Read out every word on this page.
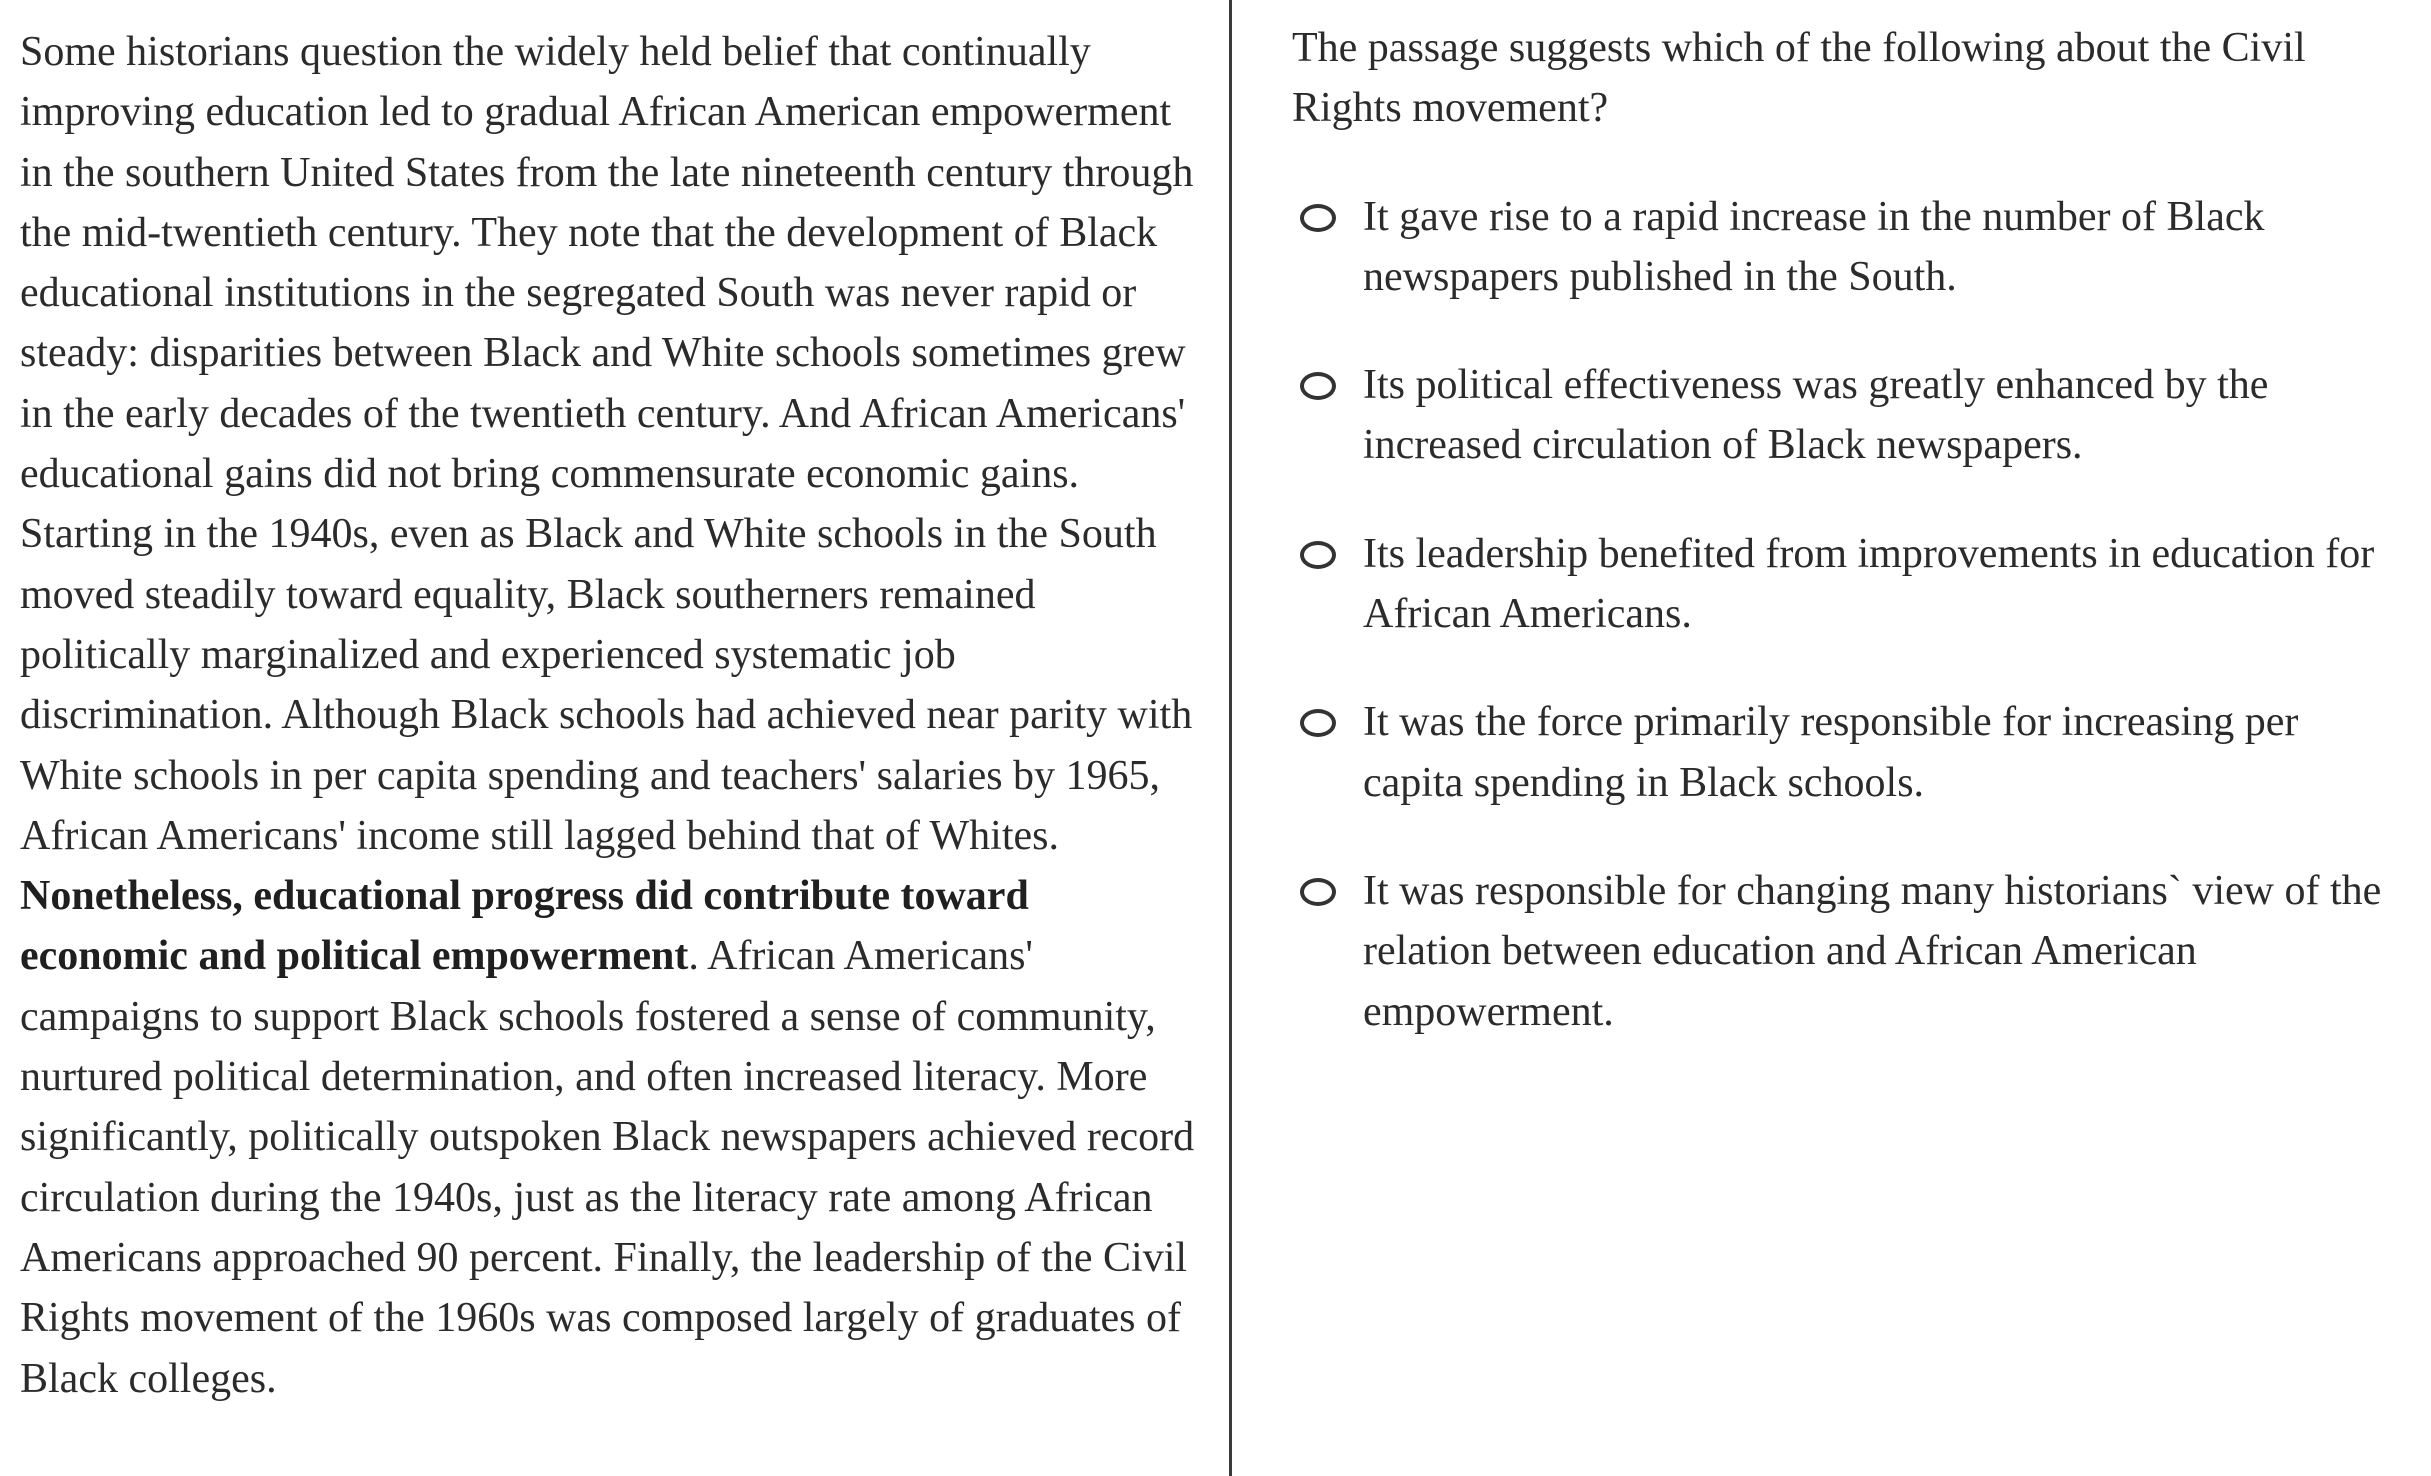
Some historians question the widely held belief that continually improving education led to gradual African American empowerment in the southern United States from the late nineteenth century through the mid-twentieth century. They note that the development of Black educational institutions in the segregated South was never rapid or steady: disparities between Black and White schools sometimes grew in the early decades of the twentieth century. And African Americans' educational gains did not bring commensurate economic gains. Starting in the 1940s, even as Black and White schools in the South moved steadily toward equality, Black southerners remained politically marginalized and experienced systematic job discrimination. Although Black schools had achieved near parity with White schools in per capita spending and teachers' salaries by 1965, African Americans' income still lagged behind that of Whites. Nonetheless, educational progress did contribute toward economic and political empowerment. African Americans' campaigns to support Black schools fostered a sense of community, nurtured political determination, and often increased literacy. More significantly, politically outspoken Black newspapers achieved record circulation during the 1940s, just as the literacy rate among African Americans approached 90 percent. Finally, the leadership of the Civil Rights movement of the 1960s was composed largely of graduates of Black colleges.

The passage suggests which of the following about the Civil Rights movement?

It gave rise to a rapid increase in the number of Black newspapers published in the South.
Its political effectiveness was greatly enhanced by the increased circulation of Black newspapers.
Its leadership benefited from improvements in education for African Americans.
It was the force primarily responsible for increasing per capita spending in Black schools.
It was responsible for changing many historians` view of the relation between education and African American empowerment.
